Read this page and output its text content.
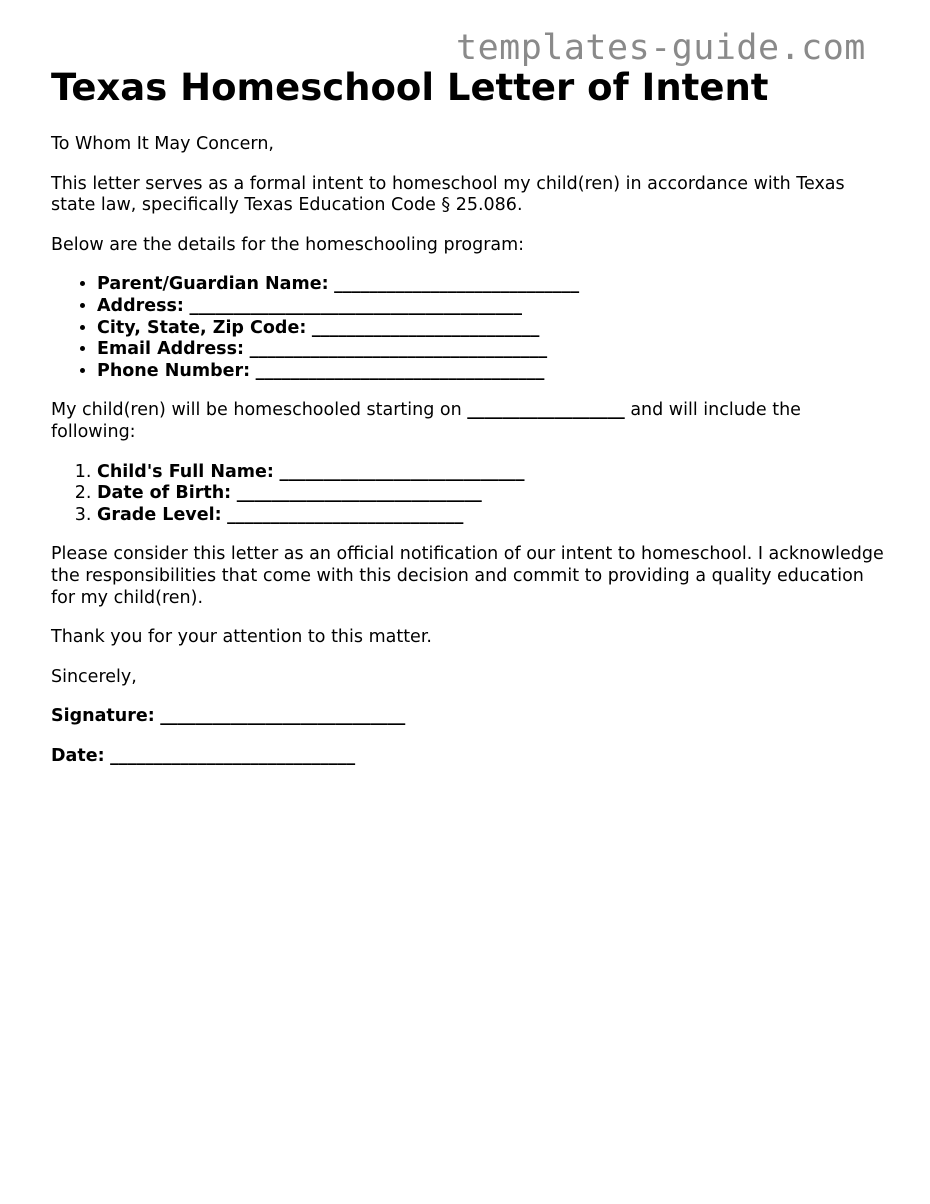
templates-guide.com
Texas Homeschool Letter of Intent

To Whom It May Concern,

This letter serves as a formal intent to homeschool my child(ren) in accordance with Texas state law, specifically Texas Education Code § 25.086.

Below are the details for the homeschooling program:

• Parent/Guardian Name: ____________________________
• Address: ______________________________________
• City, State, Zip Code: __________________________
• Email Address: __________________________________
• Phone Number: _________________________________

My child(ren) will be homeschooled starting on __________________ and will include the following:

1. Child's Full Name: ____________________________
2. Date of Birth: ____________________________
3. Grade Level: ___________________________

Please consider this letter as an official notification of our intent to homeschool. I acknowledge the responsibilities that come with this decision and commit to providing a quality education for my child(ren).

Thank you for your attention to this matter.

Sincerely,

Signature: ____________________________

Date: ____________________________
